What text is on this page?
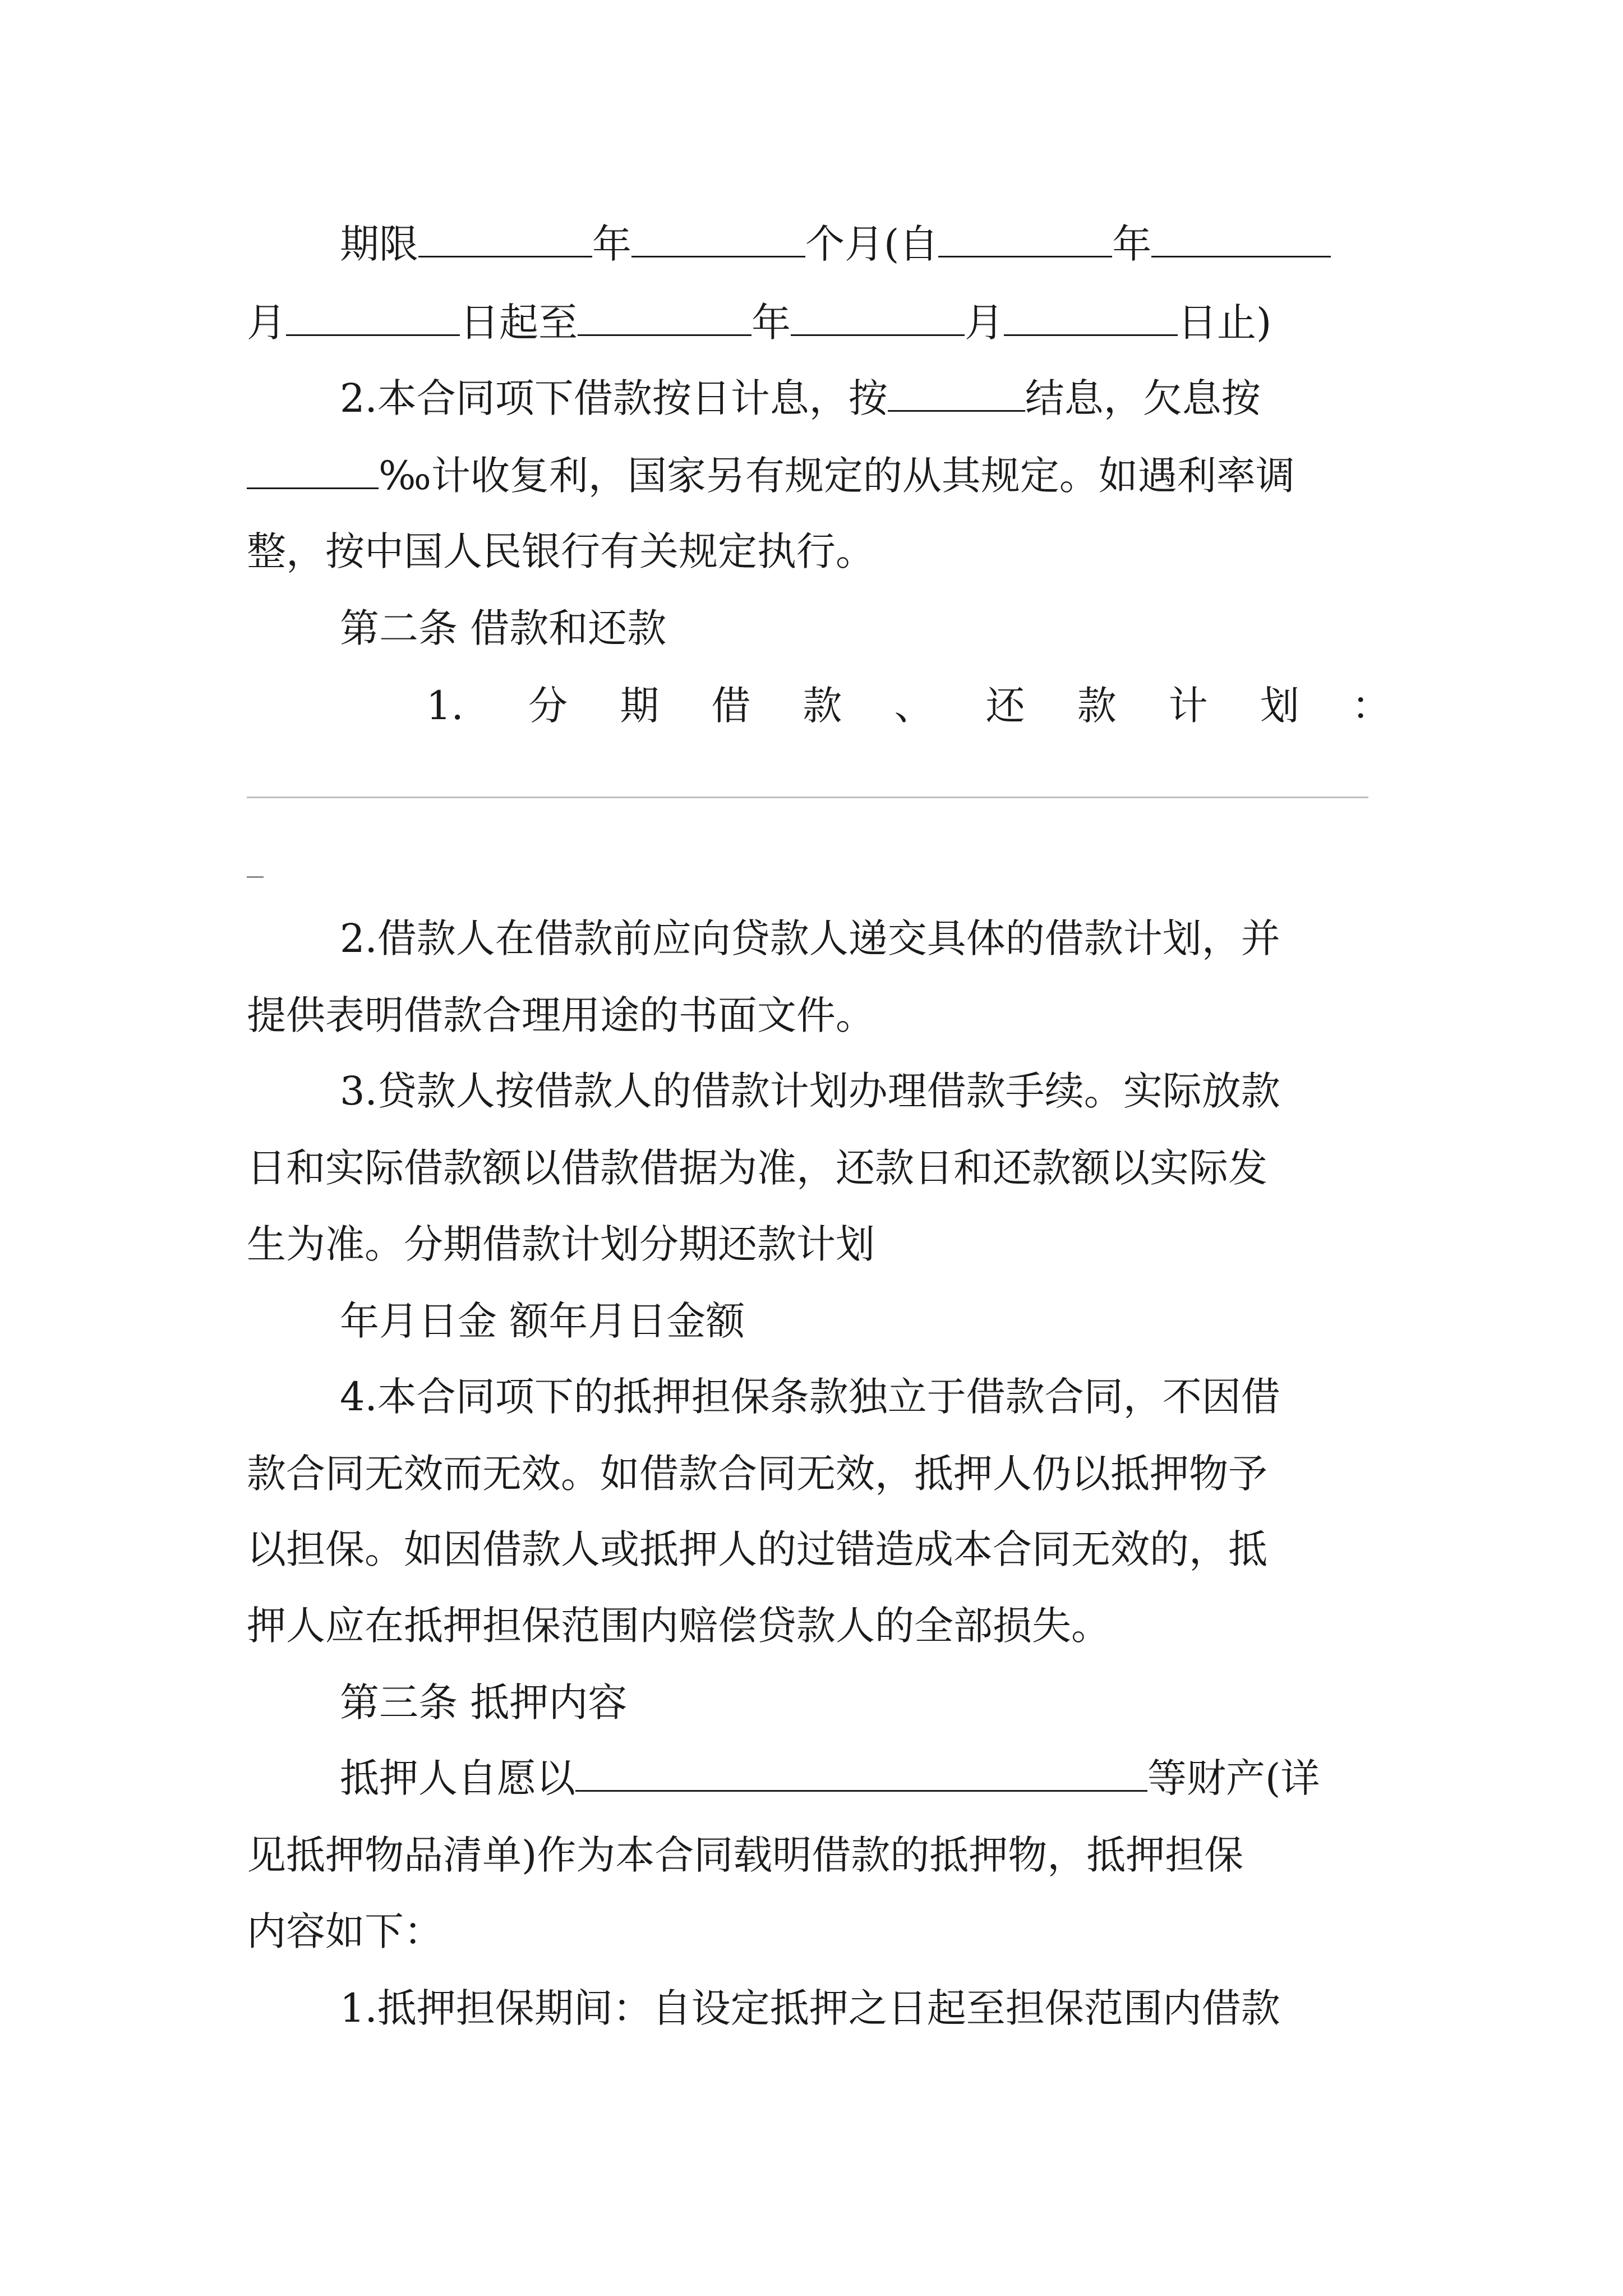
期限	年	个月(自	年
月	日起至	年	月	日止)
2.本合同项下借款按日计息，按	结息，欠息按
‰计收复利，国家另有规定的从其规定。如遇利率调
整，按中国人民银行有关规定执行。
第二条 借款和还款
1. 分期借款、还款计划：
2.借款人在借款前应向贷款人递交具体的借款计划，并
提供表明借款合理用途的书面文件。
3.贷款人按借款人的借款计划办理借款手续。实际放款
日和实际借款额以借款借据为准，还款日和还款额以实际发
生为准。分期借款计划分期还款计划
年月日金 额年月日金额
4.本合同项下的抵押担保条款独立于借款合同，不因借
款合同无效而无效。如借款合同无效，抵押人仍以抵押物予
以担保。如因借款人或抵押人的过错造成本合同无效的，抵
押人应在抵押担保范围内赔偿贷款人的全部损失。
第三条 抵押内容
抵押人自愿以	等财产(详
见抵押物品清单)作为本合同载明借款的抵押物，抵押担保
内容如下：
1.抵押担保期间：自设定抵押之日起至担保范围内借款
